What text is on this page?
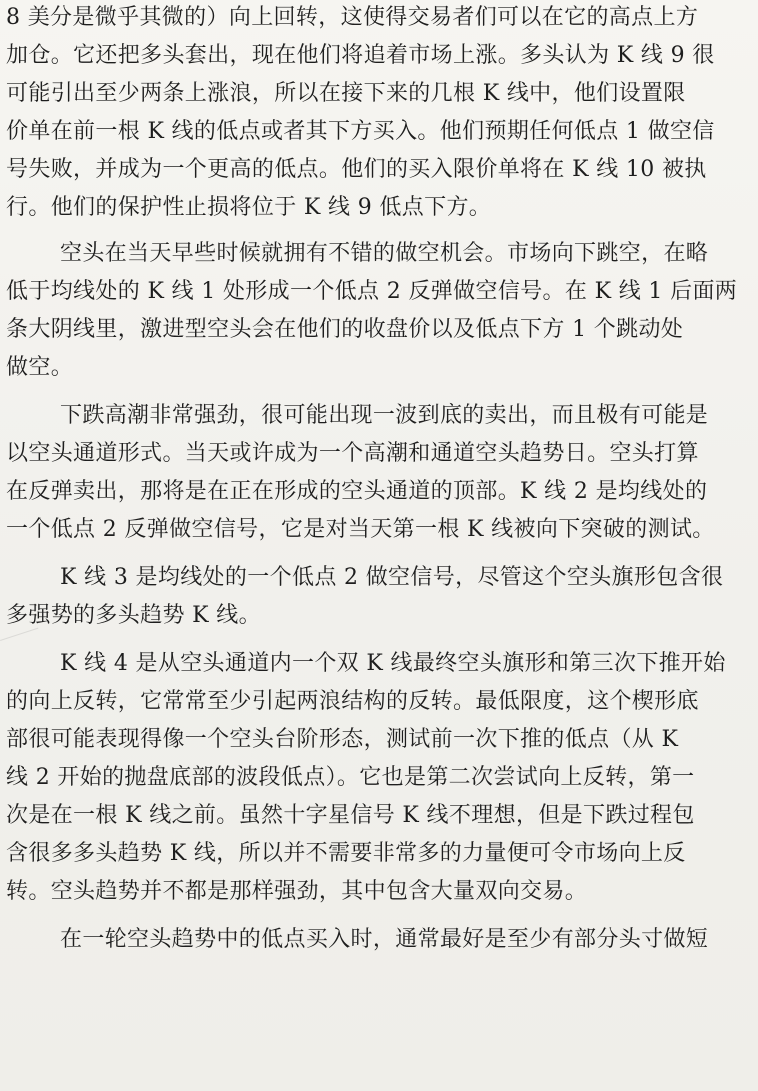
8 美分是微乎其微的）向上回转，这使得交易者们可以在它的高点上方
加仓。它还把多头套出，现在他们将追着市场上涨。多头认为 K 线 9 很
可能引出至少两条上涨浪，所以在接下来的几根 K 线中，他们设置限
价单在前一根 K 线的低点或者其下方买入。他们预期任何低点 1 做空信
号失败，并成为一个更高的低点。他们的买入限价单将在 K 线 10 被执
行。他们的保护性止损将位于 K 线 9 低点下方。
空头在当天早些时候就拥有不错的做空机会。市场向下跳空，在略
低于均线处的 K 线 1 处形成一个低点 2 反弹做空信号。在 K 线 1 后面两
条大阴线里，激进型空头会在他们的收盘价以及低点下方 1 个跳动处
做空。
下跌高潮非常强劲，很可能出现一波到底的卖出，而且极有可能是
以空头通道形式。当天或许成为一个高潮和通道空头趋势日。空头打算
在反弹卖出，那将是在正在形成的空头通道的顶部。K 线 2 是均线处的
一个低点 2 反弹做空信号，它是对当天第一根 K 线被向下突破的测试。
K 线 3 是均线处的一个低点 2 做空信号，尽管这个空头旗形包含很
多强势的多头趋势 K 线。
K 线 4 是从空头通道内一个双 K 线最终空头旗形和第三次下推开始
的向上反转，它常常至少引起两浪结构的反转。最低限度，这个楔形底
部很可能表现得像一个空头台阶形态，测试前一次下推的低点（从 K
线 2 开始的抛盘底部的波段低点）。它也是第二次尝试向上反转，第一
次是在一根 K 线之前。虽然十字星信号 K 线不理想，但是下跌过程包
含很多多头趋势 K 线，所以并不需要非常多的力量便可令市场向上反
转。空头趋势并不都是那样强劲，其中包含大量双向交易。
在一轮空头趋势中的低点买入时，通常最好是至少有部分头寸做短
